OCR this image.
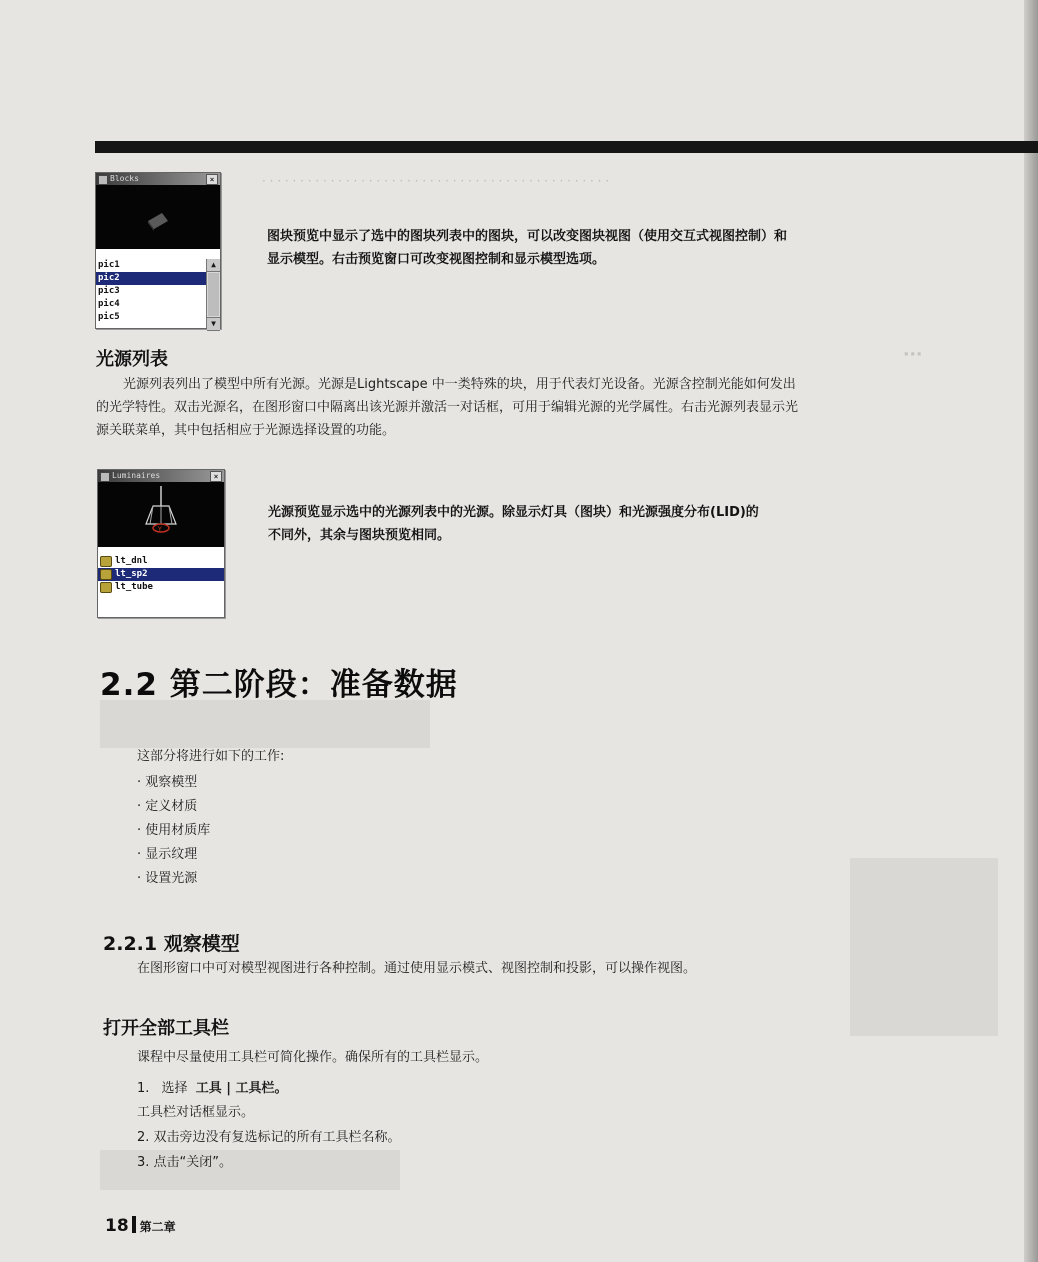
···
· · · · · · · · · · · · · · · · · · · · · · · · · · · · · · · · · · · · · · · · · · · · · ·
Blocks	×
pic1
pic2
pic3
pic4
pic5
▲
▼
图块预览中显示了选中的图块列表中的图块，可以改变图块视图（使用交互式视图控制）和
显示模型。右击预览窗口可改变视图控制和显示模型选项。
光源列表
光源列表列出了模型中所有光源。光源是Lightscape 中一类特殊的块，用于代表灯光设备。光源含控制光能如何发出
的光学特性。双击光源名，在图形窗口中隔离出该光源并激活一对话框，可用于编辑光源的光学属性。右击光源列表显示光
源关联菜单，其中包括相应于光源选择设置的功能。
Luminaires	×
Y
lt_dnl
lt_sp2
lt_tube
光源预览显示选中的光源列表中的光源。除显示灯具（图块）和光源强度分布(LID)的
不同外，其余与图块预览相同。
2.2 第二阶段：准备数据
这部分将进行如下的工作:
· 观察模型
· 定义材质
· 使用材质库
· 显示纹理
· 设置光源
2.2.1 观察模型
在图形窗口中可对模型视图进行各种控制。通过使用显示模式、视图控制和投影，可以操作视图。
打开全部工具栏
课程中尽量使用工具栏可简化操作。确保所有的工具栏显示。
1. 选择 工具 | 工具栏。
工具栏对话框显示。
2. 双击旁边没有复选标记的所有工具栏名称。
3. 点击“关闭”。
18 第二章
